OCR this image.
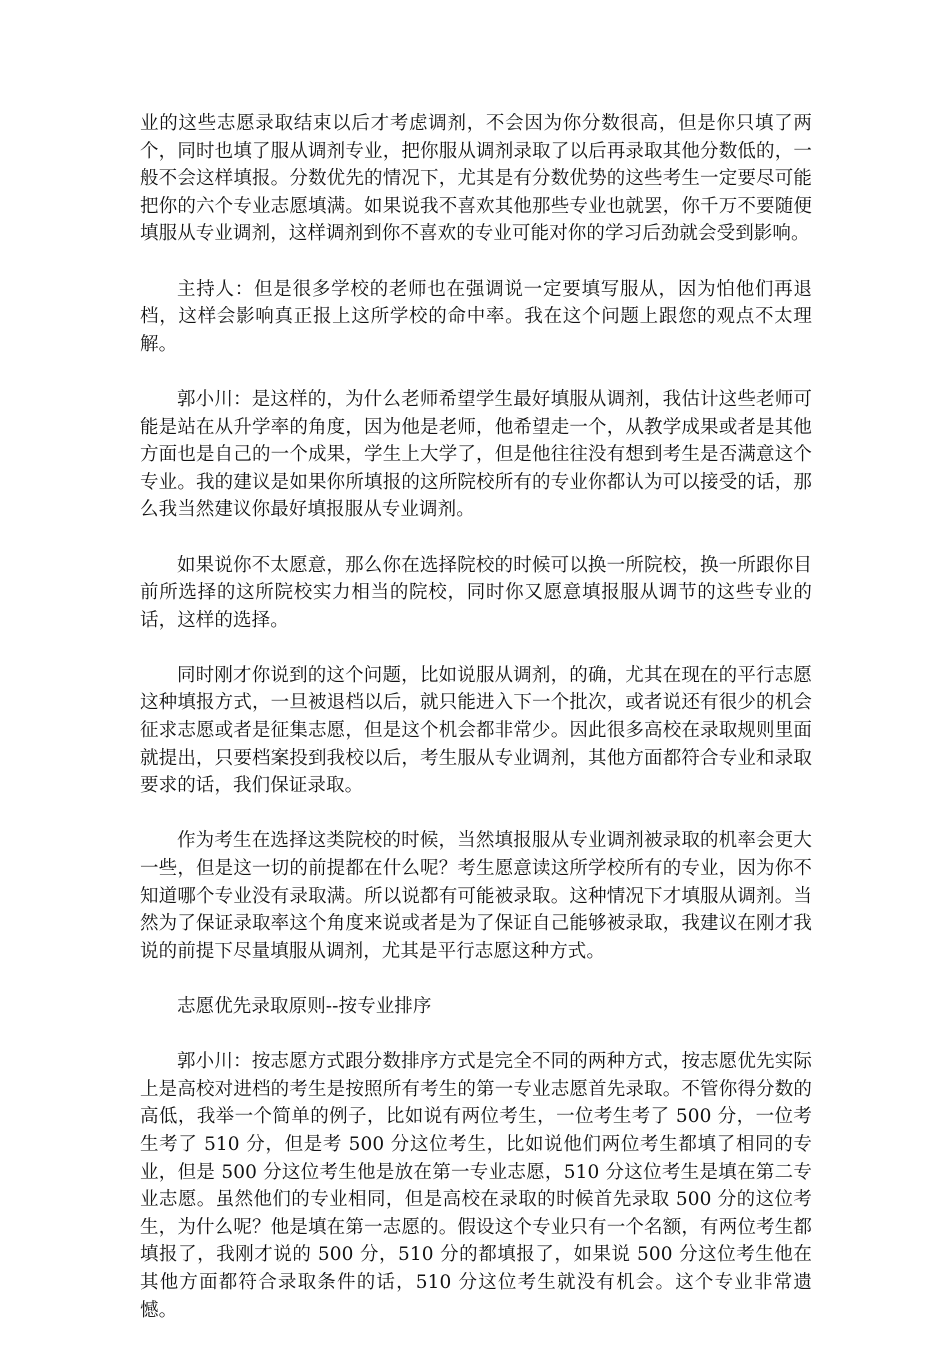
业的这些志愿录取结束以后才考虑调剂，不会因为你分数很高，但是你只填了两个，同时也填了服从调剂专业，把你服从调剂录取了以后再录取其他分数低的，一般不会这样填报。分数优先的情况下，尤其是有分数优势的这些考生一定要尽可能把你的六个专业志愿填满。如果说我不喜欢其他那些专业也就罢，你千万不要随便填服从专业调剂，这样调剂到你不喜欢的专业可能对你的学习后劲就会受到影响。

主持人：但是很多学校的老师也在强调说一定要填写服从，因为怕他们再退档，这样会影响真正报上这所学校的命中率。我在这个问题上跟您的观点不太理解。

郭小川：是这样的，为什么老师希望学生最好填服从调剂，我估计这些老师可能是站在从升学率的角度，因为他是老师，他希望走一个，从教学成果或者是其他方面也是自己的一个成果，学生上大学了，但是他往往没有想到考生是否满意这个专业。我的建议是如果你所填报的这所院校所有的专业你都认为可以接受的话，那么我当然建议你最好填报服从专业调剂。

如果说你不太愿意，那么你在选择院校的时候可以换一所院校，换一所跟你目前所选择的这所院校实力相当的院校，同时你又愿意填报服从调节的这些专业的话，这样的选择。

同时刚才你说到的这个问题，比如说服从调剂，的确，尤其在现在的平行志愿这种填报方式，一旦被退档以后，就只能进入下一个批次，或者说还有很少的机会征求志愿或者是征集志愿，但是这个机会都非常少。因此很多高校在录取规则里面就提出，只要档案投到我校以后，考生服从专业调剂，其他方面都符合专业和录取要求的话，我们保证录取。

作为考生在选择这类院校的时候，当然填报服从专业调剂被录取的机率会更大一些，但是这一切的前提都在什么呢？考生愿意读这所学校所有的专业，因为你不知道哪个专业没有录取满。所以说都有可能被录取。这种情况下才填服从调剂。当然为了保证录取率这个角度来说或者是为了保证自己能够被录取，我建议在刚才我说的前提下尽量填服从调剂，尤其是平行志愿这种方式。

志愿优先录取原则--按专业排序

郭小川：按志愿方式跟分数排序方式是完全不同的两种方式，按志愿优先实际上是高校对进档的考生是按照所有考生的第一专业志愿首先录取。不管你得分数的高低，我举一个简单的例子，比如说有两位考生，一位考生考了 500 分，一位考生考了 510 分，但是考 500 分这位考生，比如说他们两位考生都填了相同的专业，但是 500 分这位考生他是放在第一专业志愿，510 分这位考生是填在第二专业志愿。虽然他们的专业相同，但是高校在录取的时候首先录取 500 分的这位考生，为什么呢？他是填在第一志愿的。假设这个专业只有一个名额，有两位考生都填报了，我刚才说的 500 分，510 分的都填报了，如果说 500 分这位考生他在其他方面都符合录取条件的话，510 分这位考生就没有机会。这个专业非常遗憾。
